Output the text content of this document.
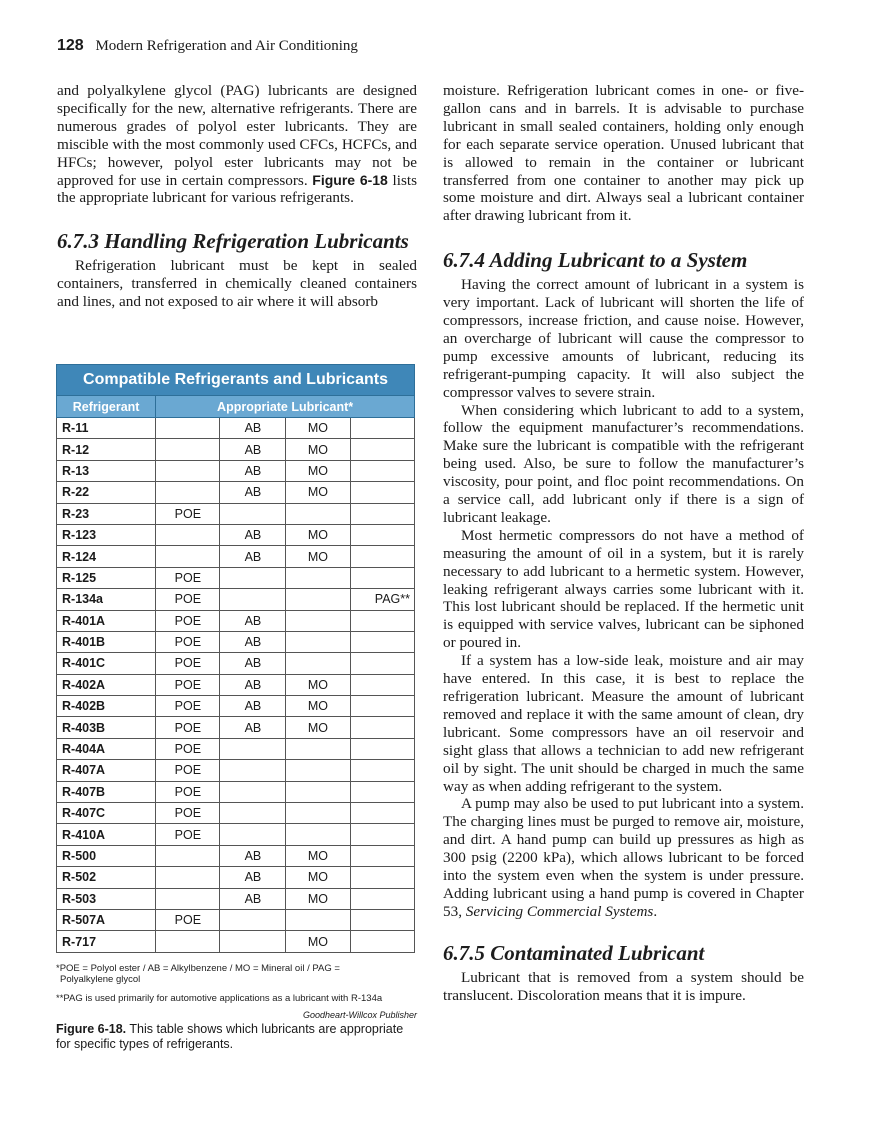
128 Modern Refrigeration and Air Conditioning

and polyalkylene glycol (PAG) lubricants are designed specifically for the new, alternative refrigerants. There are numerous grades of polyol ester lubricants. They are miscible with the most commonly used CFCs, HCFCs, and HFCs; however, polyol ester lubricants may not be approved for use in certain compressors. Figure 6-18 lists the appropriate lubricant for various refrigerants.

6.7.3 Handling Refrigeration Lubricants

Refrigeration lubricant must be kept in sealed containers, transferred in chemically cleaned containers and lines, and not exposed to air where it will absorb

Compatible Refrigerants and Lubricants				
Refrigerant	Appropriate Lubricant*			
R-11		AB	MO	
R-12		AB	MO	
R-13		AB	MO	
R-22		AB	MO	
R-23	POE			
R-123		AB	MO	
R-124		AB	MO	
R-125	POE			
R-134a	POE			PAG**
R-401A	POE	AB		
R-401B	POE	AB		
R-401C	POE	AB		
R-402A	POE	AB	MO	
R-402B	POE	AB	MO	
R-403B	POE	AB	MO	
R-404A	POE			
R-407A	POE			
R-407B	POE			
R-407C	POE			
R-410A	POE			
R-500		AB	MO	
R-502		AB	MO	
R-503		AB	MO	
R-507A	POE			
R-717			MO	
*POE = Polyol ester / AB = Alkylbenzene / MO = Mineral oil / PAG =
Polyalkylene glycol
**PAG is used primarily for automotive applications as a lubricant with R-134a
Goodheart-Willcox Publisher
Figure 6-18. This table shows which lubricants are appropriate for specific types of refrigerants.

moisture. Refrigeration lubricant comes in one- or five-gallon cans and in barrels. It is advisable to purchase lubricant in small sealed containers, holding only enough for each separate service operation. Unused lubricant that is allowed to remain in the container or lubricant transferred from one container to another may pick up some moisture and dirt. Always seal a lubricant container after drawing lubricant from it.

6.7.4 Adding Lubricant to a System

Having the correct amount of lubricant in a system is very important. Lack of lubricant will shorten the life of compressors, increase friction, and cause noise. However, an overcharge of lubricant will cause the compressor to pump excessive amounts of lubricant, reducing its refrigerant-pumping capacity. It will also subject the compressor valves to severe strain.

When considering which lubricant to add to a system, follow the equipment manufacturer’s recommendations. Make sure the lubricant is compatible with the refrigerant being used. Also, be sure to follow the manufacturer’s viscosity, pour point, and floc point recommendations. On a service call, add lubricant only if there is a sign of lubricant leakage.

Most hermetic compressors do not have a method of measuring the amount of oil in a system, but it is rarely necessary to add lubricant to a hermetic system. However, leaking refrigerant always carries some lubricant with it. This lost lubricant should be replaced. If the hermetic unit is equipped with service valves, lubricant can be siphoned or poured in.

If a system has a low-side leak, moisture and air may have entered. In this case, it is best to replace the refrigeration lubricant. Measure the amount of lubricant removed and replace it with the same amount of clean, dry lubricant. Some compressors have an oil reservoir and sight glass that allows a technician to add new refrigerant oil by sight. The unit should be charged in much the same way as when adding refrigerant to the system.

A pump may also be used to put lubricant into a system. The charging lines must be purged to remove air, moisture, and dirt. A hand pump can build up pressures as high as 300 psig (2200 kPa), which allows lubricant to be forced into the system even when the system is under pressure. Adding lubricant using a hand pump is covered in Chapter 53, Servicing Commercial Systems.

6.7.5 Contaminated Lubricant

Lubricant that is removed from a system should be translucent. Discoloration means that it is impure.
